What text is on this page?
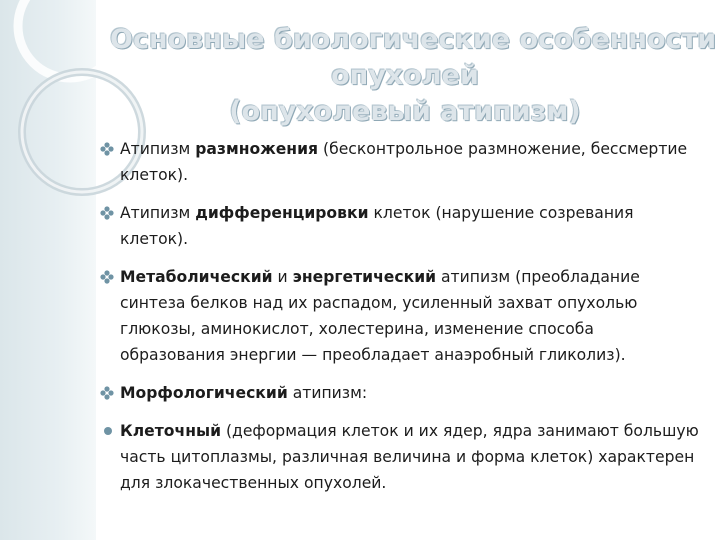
Основные биологические особенности
опухолей
(опухолевый атипизм)
Атипизм размножения (бесконтрольное размножение, бессмертие клеток).
Атипизм дифференцировки клеток (нарушение созревания клеток).
Метаболический и энергетический атипизм (преобладание синтеза белков над их распадом, усиленный захват опухолью глюкозы, аминокислот, холестерина, изменение способа образования энергии — преобладает анаэробный гликолиз).
Морфологический атипизм:
Клеточный (деформация клеток и их ядер, ядра занимают большую часть цитоплазмы, различная величина и форма клеток) характерен для злокачественных опухолей.
